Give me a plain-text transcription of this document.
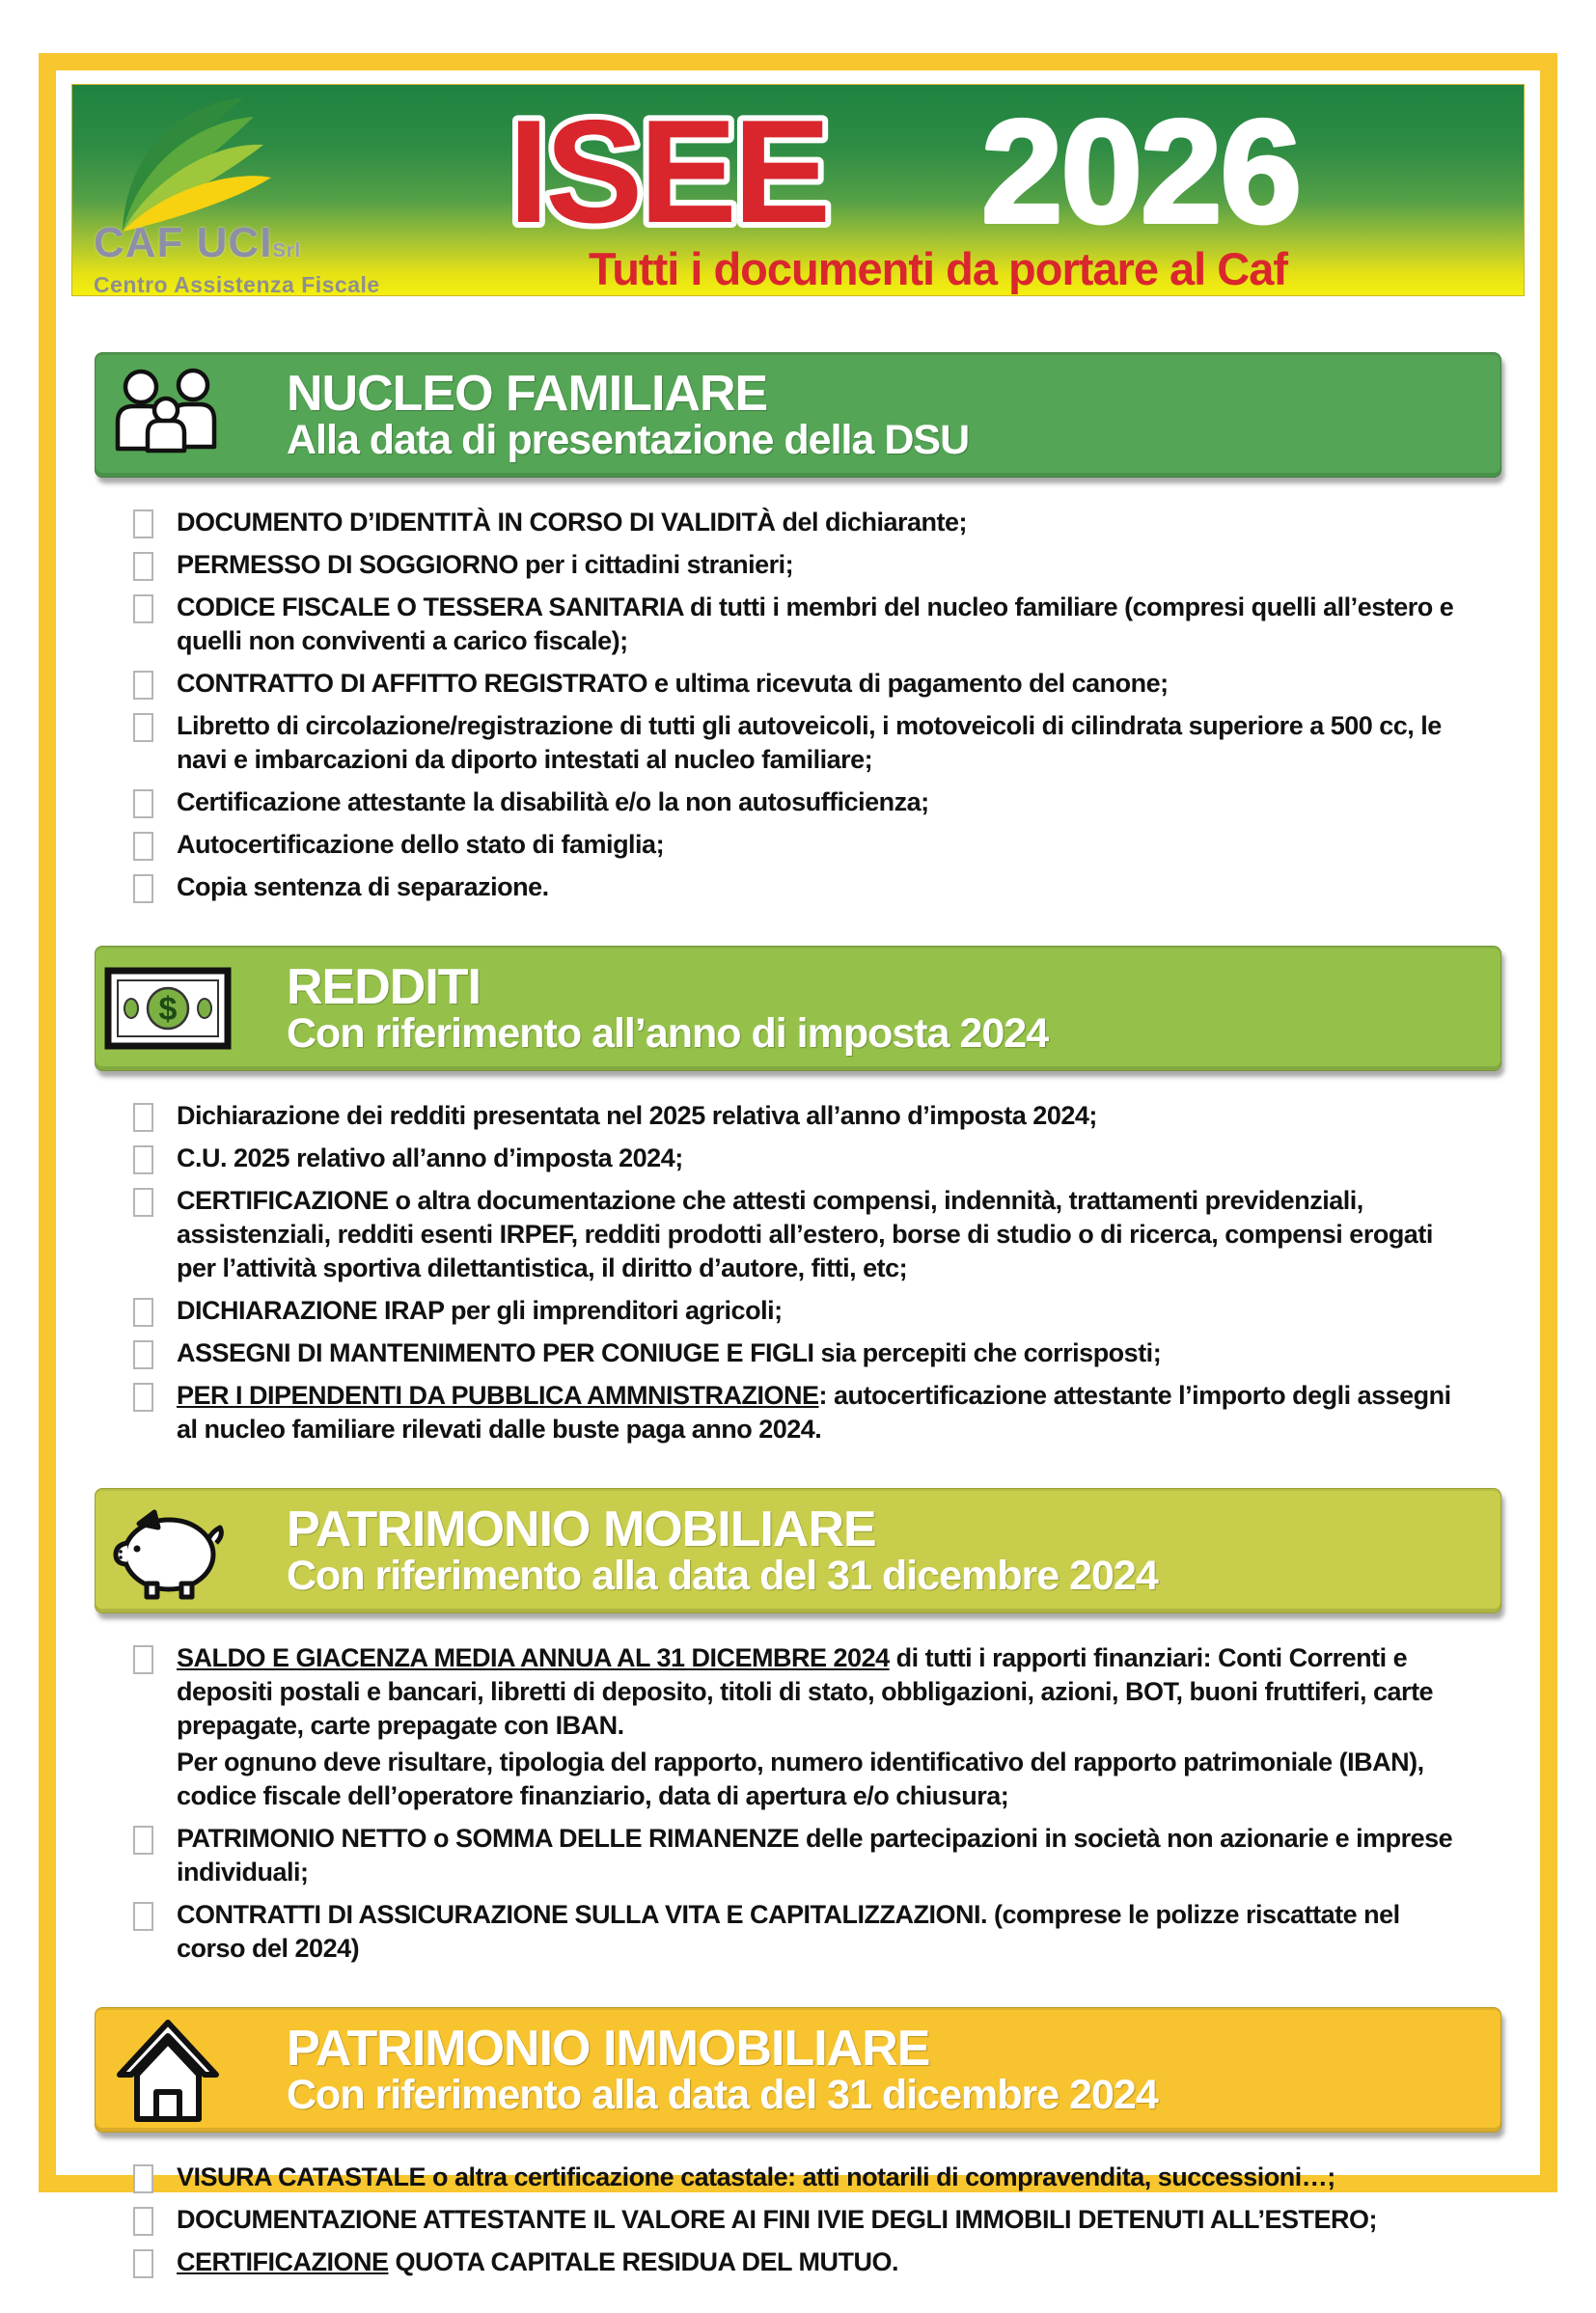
CAF UCISrl
Centro Assistenza Fiscale
ISEE 2026
Tutti i documenti da portare al Caf
NUCLEO FAMILIARE
Alla data di presentazione della DSU
DOCUMENTO D’IDENTITÀ IN CORSO DI VALIDITÀ del dichiarante;
PERMESSO DI SOGGIORNO per i cittadini stranieri;
CODICE FISCALE O TESSERA SANITARIA di tutti i membri del nucleo familiare (compresi quelli all’estero e quelli non conviventi a carico fiscale);
CONTRATTO DI AFFITTO REGISTRATO e ultima ricevuta di pagamento del canone;
Libretto di circolazione/registrazione di tutti gli autoveicoli, i motoveicoli di cilindrata superiore a 500 cc, le navi e imbarcazioni da diporto intestati al nucleo familiare;
Certificazione attestante la disabilità e/o la non autosufficienza;
Autocertificazione dello stato di famiglia;
Copia sentenza di separazione.
$ REDDITI
Con riferimento all’anno di imposta 2024
Dichiarazione dei redditi presentata nel 2025 relativa all’anno d’imposta 2024;
C.U. 2025 relativo all’anno d’imposta 2024;
CERTIFICAZIONE o altra documentazione che attesti compensi, indennità, trattamenti previdenziali, assistenziali, redditi esenti IRPEF, redditi prodotti all’estero, borse di studio o di ricerca, compensi erogati per l’attività sportiva dilettantistica, il diritto d’autore, fitti, etc;
DICHIARAZIONE IRAP per gli imprenditori agricoli;
ASSEGNI DI MANTENIMENTO PER CONIUGE E FIGLI sia percepiti che corrisposti;
PER I DIPENDENTI DA PUBBLICA AMMNISTRAZIONE: autocertificazione attestante l’importo degli assegni al nucleo familiare rilevati dalle buste paga anno 2024.
PATRIMONIO MOBILIARE
Con riferimento alla data del 31 dicembre 2024
SALDO E GIACENZA MEDIA ANNUA AL 31 DICEMBRE 2024 di tutti i rapporti finanziari: Conti Correnti e depositi postali e bancari, libretti di deposito, titoli di stato, obbligazioni, azioni, BOT, buoni fruttiferi, carte prepagate, carte prepagate con IBAN.
Per ognuno deve risultare, tipologia del rapporto, numero identificativo del rapporto patrimoniale (IBAN), codice fiscale dell’operatore finanziario, data di apertura e/o chiusura;
PATRIMONIO NETTO o SOMMA DELLE RIMANENZE delle partecipazioni in società non azionarie e imprese individuali;
CONTRATTI DI ASSICURAZIONE SULLA VITA E CAPITALIZZAZIONI. (comprese le polizze riscattate nel corso del 2024)
PATRIMONIO IMMOBILIARE
Con riferimento alla data del 31 dicembre 2024
VISURA CATASTALE o altra certificazione catastale: atti notarili di compravendita, successioni…;
DOCUMENTAZIONE ATTESTANTE IL VALORE AI FINI IVIE DEGLI IMMOBILI DETENUTI ALL’ESTERO;
CERTIFICAZIONE QUOTA CAPITALE RESIDUA DEL MUTUO.
